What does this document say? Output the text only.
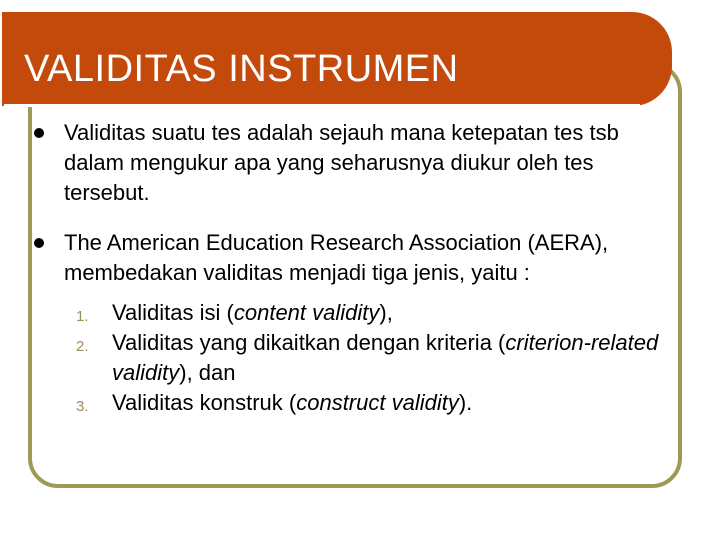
VALIDITAS INSTRUMEN
Validitas suatu tes adalah sejauh mana ketepatan tes tsb dalam mengukur apa yang seharusnya diukur oleh tes tersebut.
The American Education Research Association (AERA), membedakan validitas menjadi tiga jenis, yaitu :
1. Validitas isi (content validity),
2. Validitas yang dikaitkan dengan kriteria (criterion-related validity), dan
3. Validitas konstruk (construct validity).
